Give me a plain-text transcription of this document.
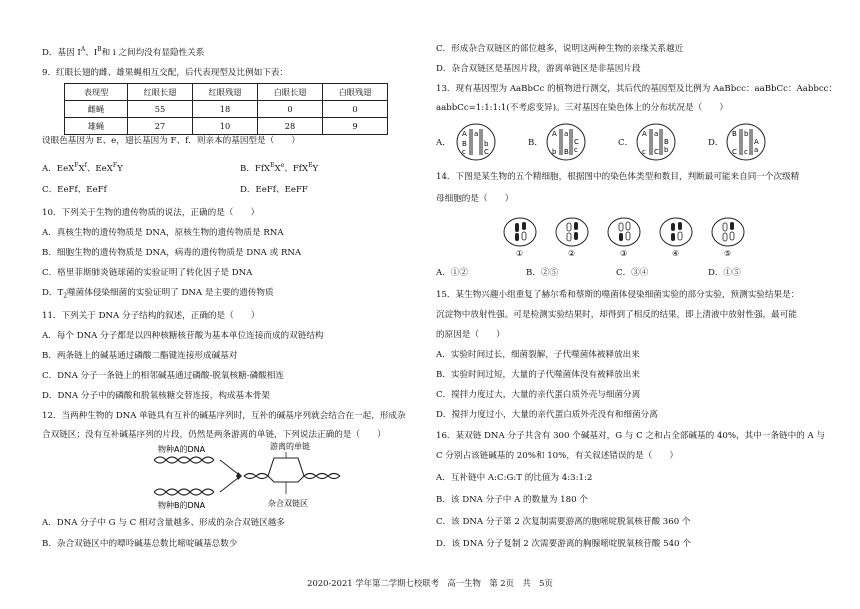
D．基因 $I^A$、$I^B$和 i 之间均没有显隐性关系
9．红眼长翅的雌、雄果蝇相互交配，后代表现型及比例如下表：
表现型	红眼长翅	红眼残翅	白眼长翅	白眼残翅
雌蝇	55	18	0	0
雄蝇	27	10	28	9
设眼色基因为 E、e，翅长基因为 F、f．则亲本的基因型是（　　）
A．$EeX^FX^f$、EeX$^F$Y	B．FfX$^E$Xe、FfX$^E$Y
C．EeFf、EeFf	D．EeFf、EeFF
10．下列关于生物的遗传物质的说法，正确的是（　　）
A．真核生物的遗传物质是 DNA，原核生物的遗传物质是 RNA
B．细胞生物的遗传物质是 DNA，病毒的遗传物质是 DNA 或 RNA
C．格里菲斯肺炎链球菌的实验证明了转化因子是 DNA
D．$T_2$噬菌体侵染细菌的实验证明了 DNA 是主要的遗传物质
11．下列关于 DNA 分子结构的叙述，正确的是（　　）
A．每个 DNA 分子都是以四种核糖核苷酸为基本单位连接而成的双链结构
B．两条链上的碱基通过磷酸二酯键连接形成碱基对
C．DNA 分子一条链上的相邻碱基通过磷酸-脱氧核糖-磷酸相连
D．DNA 分子中的磷酸和脱氧核糖交替连接，构成基本骨架
12．当两种生物的 DNA 单链具有互补的碱基序列时，互补的碱基序列就会结合在一起，形成杂
合双链区；没有互补碱基序列的片段，仍然是两条游离的单链，下列说法正确的是（　　）
游离的单链
杂合双链区
物种A的DNA
物种B的DNA
A．DNA 分子中 G 与 C 相对含量越多、形成的杂合双链区越多
B．杂合双链区中的嘌呤碱基总数比嘧啶碱基总数少
C．形成杂合双链区的部位越多，说明这两种生物的亲缘关系越近
D．杂合双链区是基因片段，游离单链区是非基因片段
13．现有基因型为 AaBbCc 的植物进行测交，其后代的基因型及比例为 AaBbcc：aaBbCc：Aabbcc：
aabbCc=1:1:1:1(不考虑变异)。三对基因在染色体上的分布状况是（　　）
A．
A a
B b
c	C
B．
A a
C
c
b B
C．
A a
B
b
c C
D．
B b
A
a
C c
14．下图是某生物的五个精细胞，根据图中的染色体类型和数目，判断最可能来自同一个次级精
母细胞的是（　　）
①	②	③	④	⑤
A．①②	B．②⑤	C．③④	D．①⑤
15．某生物兴趣小组重复了赫尔希和蔡斯的噬菌体侵染细菌实验的部分实验，预测实验结果是：
沉淀物中放射性强。可是检测实验结果时，却得到了相反的结果，即上清液中放射性强，最可能
的原因是（　　）
A．实验时间过长，细菌裂解，子代噬菌体被释放出来
B．实验时间过短，大量的子代噬菌体没有被释放出来
C．搅拌力度过大，大量的亲代蛋白质外壳与细菌分离
D．搅拌力度过小，大量的亲代蛋白质外壳没有和细菌分离
16．某双链 DNA 分子共含有 300 个碱基对，G 与 C 之和占全部碱基的 40%，其中一条链中的 A 与
C 分别占该链碱基的 20%和 10%，有关叙述错误的是（　　）
A．互补链中 A:C:G:T 的比值为 4:3:1:2
B．该 DNA 分子中 A 的数量为 180 个
C．该 DNA 分子第 2 次复制需要游离的胞嘧啶脱氧核苷酸 360 个
D．该 DNA 分子复制 2 次需要游离的胸腺嘧啶脱氧核苷酸 540 个
2020-2021 学年第二学期七校联考　高一生物　第 2页　共　5页
